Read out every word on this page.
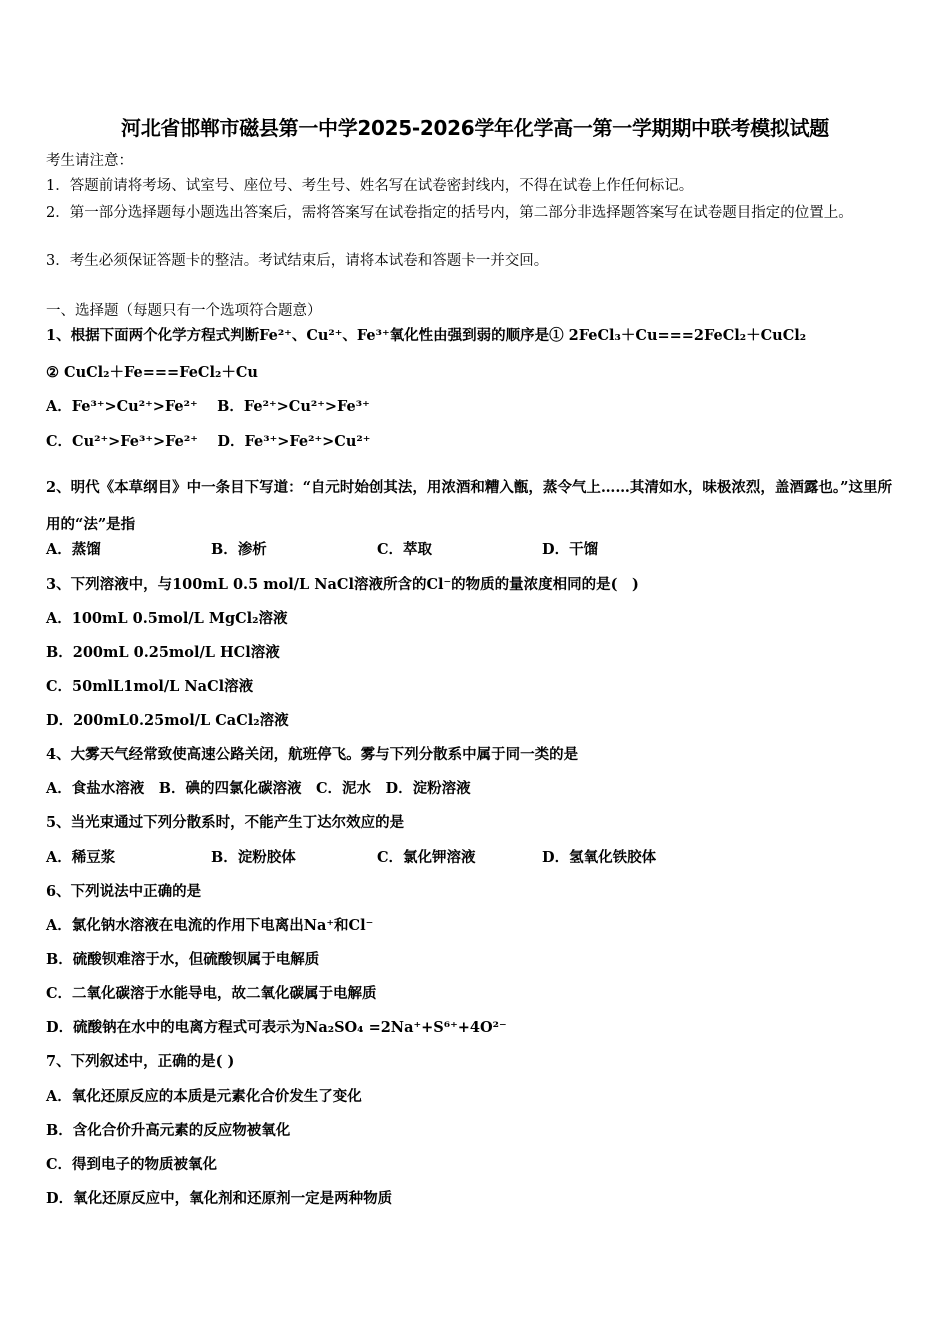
河北省邯郸市磁县第一中学2025-2026学年化学高一第一学期期中联考模拟试题
考生请注意：
1．答题前请将考场、试室号、座位号、考生号、姓名写在试卷密封线内，不得在试卷上作任何标记。
2．第一部分选择题每小题选出答案后，需将答案写在试卷指定的括号内，第二部分非选择题答案写在试卷题目指定的位置上。
3．考生必须保证答题卡的整洁。考试结束后，请将本试卷和答题卡一并交回。
一、选择题（每题只有一个选项符合题意）
1、根据下面两个化学方程式判断Fe²⁺、Cu²⁺、Fe³⁺氧化性由强到弱的顺序是① 2FeCl₃＋Cu===2FeCl₂＋CuCl₂
② CuCl₂＋Fe===FeCl₂＋Cu
A．Fe³⁺>Cu²⁺>Fe²⁺　 B．Fe²⁺>Cu²⁺>Fe³⁺
C．Cu²⁺>Fe³⁺>Fe²⁺　 D．Fe³⁺>Fe²⁺>Cu²⁺
2、明代《本草纲目》中一条目下写道：“自元时始创其法，用浓酒和糟入甑，蒸令气上……其清如水，味极浓烈，盖酒露也。”这里所用的“法”是指
A．蒸馏	B．渗析	C．萃取	D．干馏
3、下列溶液中，与100mL 0.5 mol/L NaCl溶液所含的Cl⁻的物质的量浓度相同的是(　)
A．100mL 0.5mol/L MgCl₂溶液
B．200mL 0.25mol/L HCl溶液
C．50mlL1mol/L NaCl溶液
D．200mL0.25mol/L CaCl₂溶液
4、大雾天气经常致使高速公路关闭，航班停飞。雾与下列分散系中属于同一类的是
A．食盐水溶液　B．碘的四氯化碳溶液　C．泥水　D．淀粉溶液
5、当光束通过下列分散系时，不能产生丁达尔效应的是
A．稀豆浆	B．淀粉胶体	C．氯化钾溶液	D．氢氧化铁胶体
6、下列说法中正确的是
A．氯化钠水溶液在电流的作用下电离出Na⁺和Cl⁻
B．硫酸钡难溶于水，但硫酸钡属于电解质
C．二氧化碳溶于水能导电，故二氧化碳属于电解质
D．硫酸钠在水中的电离方程式可表示为Na₂SO₄ =2Na⁺+S⁶⁺+4O²⁻
7、下列叙述中，正确的是( )
A．氧化还原反应的本质是元素化合价发生了变化
B．含化合价升高元素的反应物被氧化
C．得到电子的物质被氧化
D．氧化还原反应中，氧化剂和还原剂一定是两种物质
